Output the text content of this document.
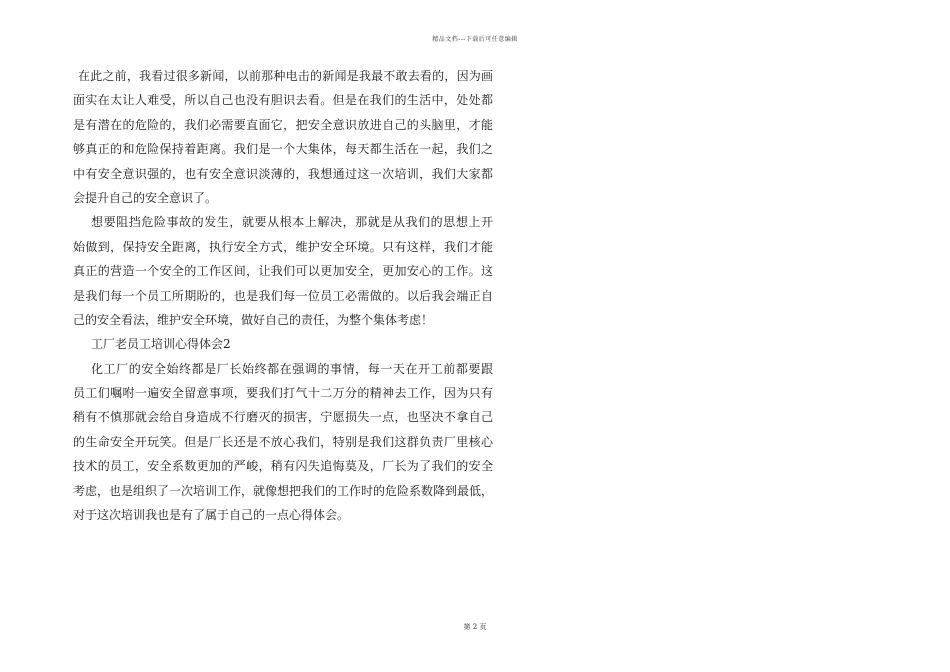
精品文档---下载后可任意编辑
在此之前，我看过很多新闻，以前那种电击的新闻是我最不敢去看的，因为画
面实在太让人难受，所以自己也没有胆识去看。但是在我们的生活中，处处都
是有潜在的危险的，我们必需要直面它，把安全意识放进自己的头脑里，才能
够真正的和危险保持着距离。我们是一个大集体，每天都生活在一起，我们之
中有安全意识强的，也有安全意识淡薄的，我想通过这一次培训，我们大家都
会提升自己的安全意识了。
想要阻挡危险事故的发生，就要从根本上解决，那就是从我们的思想上开
始做到，保持安全距离，执行安全方式，维护安全环境。只有这样，我们才能
真正的营造一个安全的工作区间，让我们可以更加安全，更加安心的工作。这
是我们每一个员工所期盼的，也是我们每一位员工必需做的。以后我会端正自
己的安全看法，维护安全环境，做好自己的责任，为整个集体考虑！
工厂老员工培训心得体会2
化工厂的安全始终都是厂长始终都在强调的事情，每一天在开工前都要跟
员工们嘱咐一遍安全留意事项，要我们打气十二万分的精神去工作，因为只有
稍有不慎那就会给自身造成不行磨灭的损害，宁愿损失一点，也坚决不拿自己
的生命安全开玩笑。但是厂长还是不放心我们，特别是我们这群负责厂里核心
技术的员工，安全系数更加的严峻，稍有闪失追悔莫及，厂长为了我们的安全
考虑，也是组织了一次培训工作，就像想把我们的工作时的危险系数降到最低，
对于这次培训我也是有了属于自己的一点心得体会。
第 2 页
